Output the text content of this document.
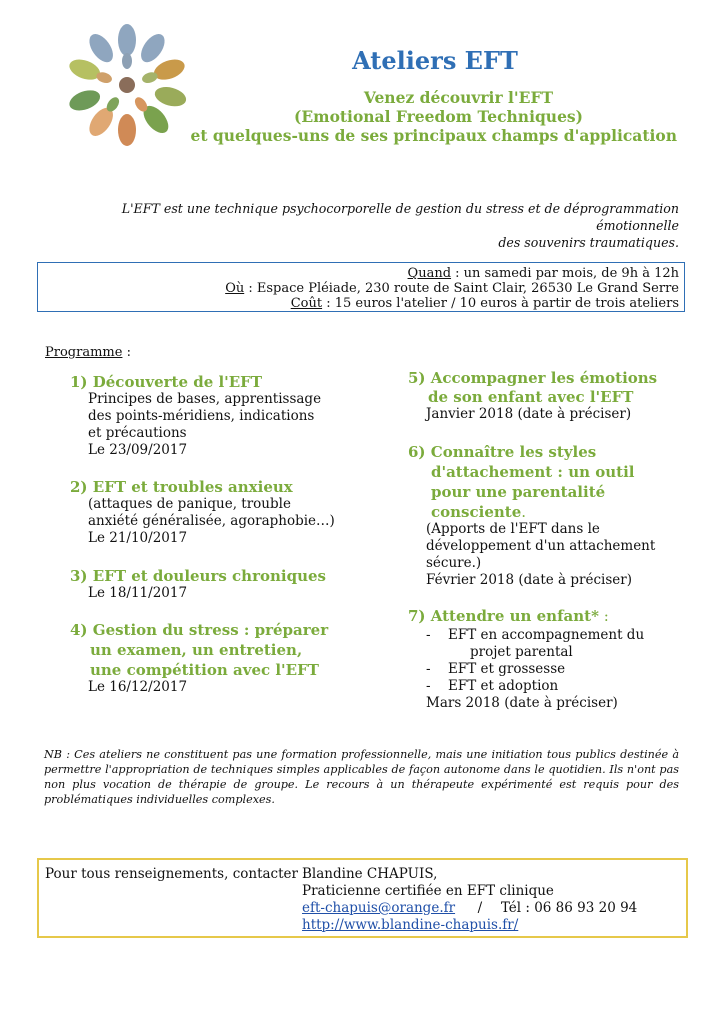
Ateliers EFT
Venez découvrir l'EFT
(Emotional Freedom Techniques)
et quelques-uns de ses principaux champs d'application
L'EFT est une technique psychocorporelle de gestion du stress et de déprogrammation émotionnelle
des souvenirs traumatiques.
Quand : un samedi par mois, de 9h à 12h
Où : Espace Pléiade, 230 route de Saint Clair, 26530 Le Grand Serre
Coût : 15 euros l'atelier / 10 euros à partir de trois ateliers
Programme :
1) Découverte de l'EFT
Principes de bases, apprentissage
des points-méridiens, indications
et précautions
Le 23/09/2017
2) EFT et troubles anxieux
(attaques de panique, trouble
anxiété généralisée, agoraphobie…)
Le 21/10/2017
3) EFT et douleurs chroniques
Le 18/11/2017
4) Gestion du stress : préparer
un examen, un entretien,
une compétition avec l'EFT
Le 16/12/2017
5) Accompagner les émotions
de son enfant avec l'EFT
Janvier 2018 (date à préciser)
6) Connaître les styles
d'attachement : un outil
pour une parentalité
consciente.
(Apports de l'EFT dans le
développement d'un attachement
sécure.)
Février 2018 (date à préciser)
7) Attendre un enfant* :
- EFT en accompagnement du
projet parental
- EFT et grossesse
- EFT et adoption
Mars 2018 (date à préciser)
NB : Ces ateliers ne constituent pas une formation professionnelle, mais une initiation tous publics destinée à permettre l'appropriation de techniques simples applicables de façon autonome dans le quotidien. Ils n'ont pas non plus vocation de thérapie de groupe. Le recours à un thérapeute expérimenté est requis pour des problématiques individuelles complexes.
Pour tous renseignements, contacter :
Blandine CHAPUIS,
Praticienne certifiée en EFT clinique
eft-chapuis@orange.fr / Tél : 06 86 93 20 94
http://www.blandine-chapuis.fr/
